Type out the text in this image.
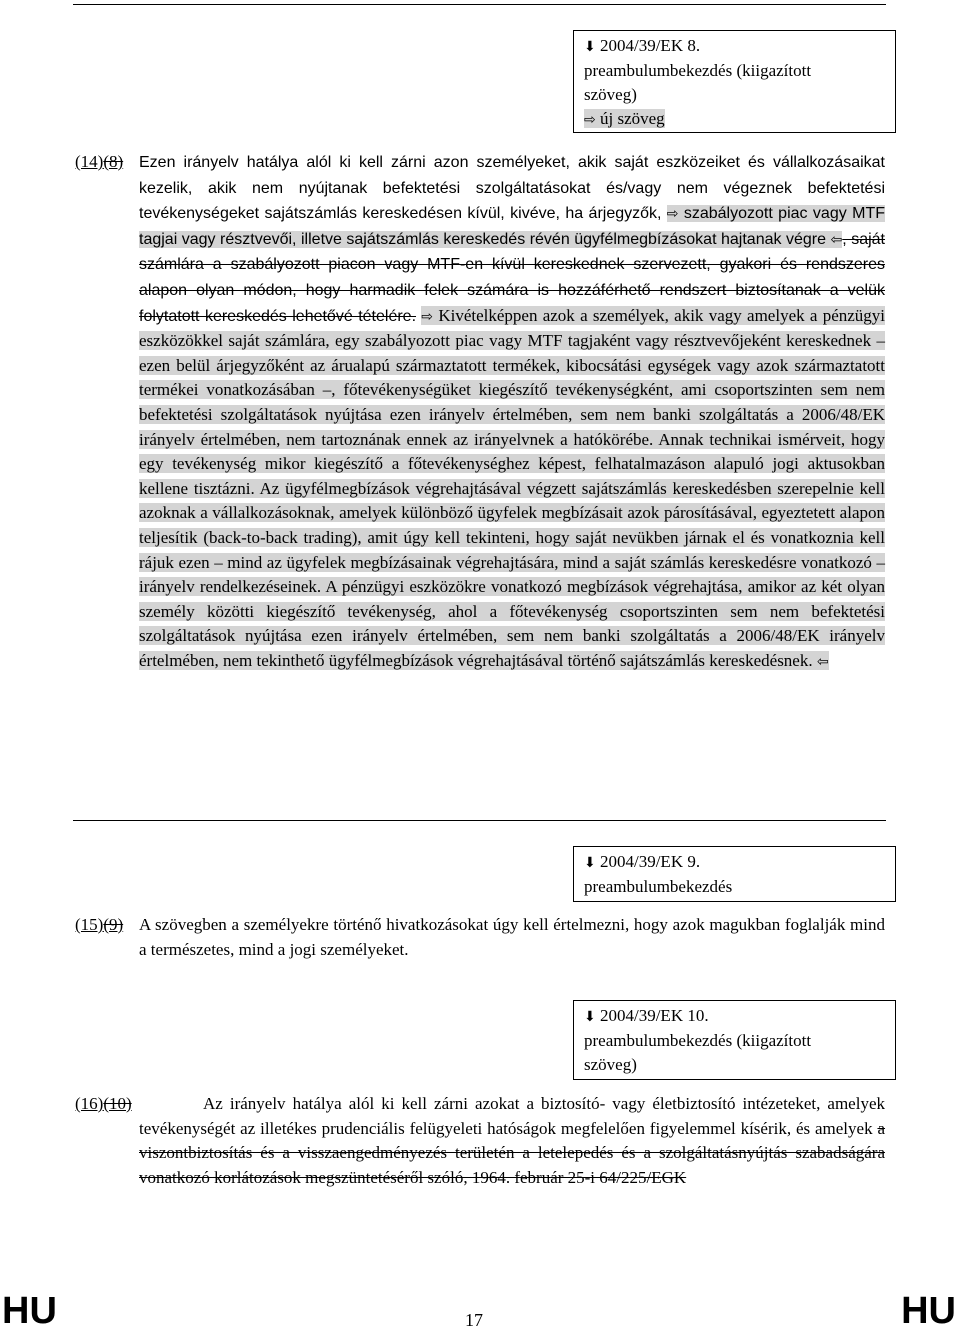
⬇ 2004/39/EK 8.
preambulumbekezdés (kiigazított
szöveg)
⇨ új szöveg
(14)(8) Ezen irányelv hatálya alól ki kell zárni azon személyeket, akik saját eszközeiket és vállalkozásaikat kezelik, akik nem nyújtanak befektetési szolgáltatásokat és/vagy nem végeznek befektetési tevékenységeket sajátszámlás kereskedésen kívül, kivéve, ha árjegyzők, ⇨ szabályozott piac vagy MTF tagjai vagy résztvevői, illetve sajátszámlás kereskedés révén ügyfélmegbízásokat hajtanak végre ⇦, saját számlára a szabályozott piacon vagy MTF-en kívül kereskednek szervezett, gyakori és rendszeres alapon olyan módon, hogy harmadik felek számára is hozzáférhető rendszert biztosítanak a velük folytatott kereskedés lehetővé tételére. ⇨ Kivételképpen azok a személyek, akik vagy amelyek a pénzügyi eszközökkel saját számlára, egy szabályozott piac vagy MTF tagjaként vagy résztvevőjeként kereskednek – ezen belül árjegyzőként az árualapú származtatott termékek, kibocsátási egységek vagy azok származtatott termékei vonatkozásában –, főtevékenységüket kiegészítő tevékenységként, ami csoportszinten sem nem befektetési szolgáltatások nyújtása ezen irányelv értelmében, sem nem banki szolgáltatás a 2006/48/EK irányelv értelmében, nem tartoznának ennek az irányelvnek a hatókörébe. Annak technikai ismérveit, hogy egy tevékenység mikor kiegészítő a főtevékenységhez képest, felhatalmazáson alapuló jogi aktusokban kellene tisztázni. Az ügyfélmegbízások végrehajtásával végzett sajátszámlás kereskedésben szerepelnie kell azoknak a vállalkozásoknak, amelyek különböző ügyfelek megbízásait azok párosításával, egyeztetett alapon teljesítik (back-to-back trading), amit úgy kell tekinteni, hogy saját nevükben járnak el és vonatkoznia kell rájuk ezen – mind az ügyfelek megbízásainak végrehajtására, mind a saját számlás kereskedésre vonatkozó – irányelv rendelkezéseinek. A pénzügyi eszközökre vonatkozó megbízások végrehajtása, amikor az két olyan személy közötti kiegészítő tevékenység, ahol a főtevékenység csoportszinten sem nem befektetési szolgáltatások nyújtása ezen irányelv értelmében, sem nem banki szolgáltatás a 2006/48/EK irányelv értelmében, nem tekinthető ügyfélmegbízások végrehajtásával történő sajátszámlás kereskedésnek. ⇦
⬇ 2004/39/EK 9.
preambulumbekezdés
(15)(9) A szövegben a személyekre történő hivatkozásokat úgy kell értelmezni, hogy azok magukban foglalják mind a természetes, mind a jogi személyeket.
⬇ 2004/39/EK 10.
preambulumbekezdés (kiigazított
szöveg)
(16)(10)	Az irányelv hatálya alól ki kell zárni azokat a biztosító- vagy életbiztosító intézeteket, amelyek tevékenységét az illetékes prudenciális felügyeleti hatóságok megfelelően figyelemmel kísérik, és amelyek a viszontbiztosítás és a visszaengedményezés területén a letelepedés és a szolgáltatásnyújtás szabadságára vonatkozó korlátozások megszüntetéséről szóló, 1964. február 25-i 64/225/EGK
HU	17	HU
